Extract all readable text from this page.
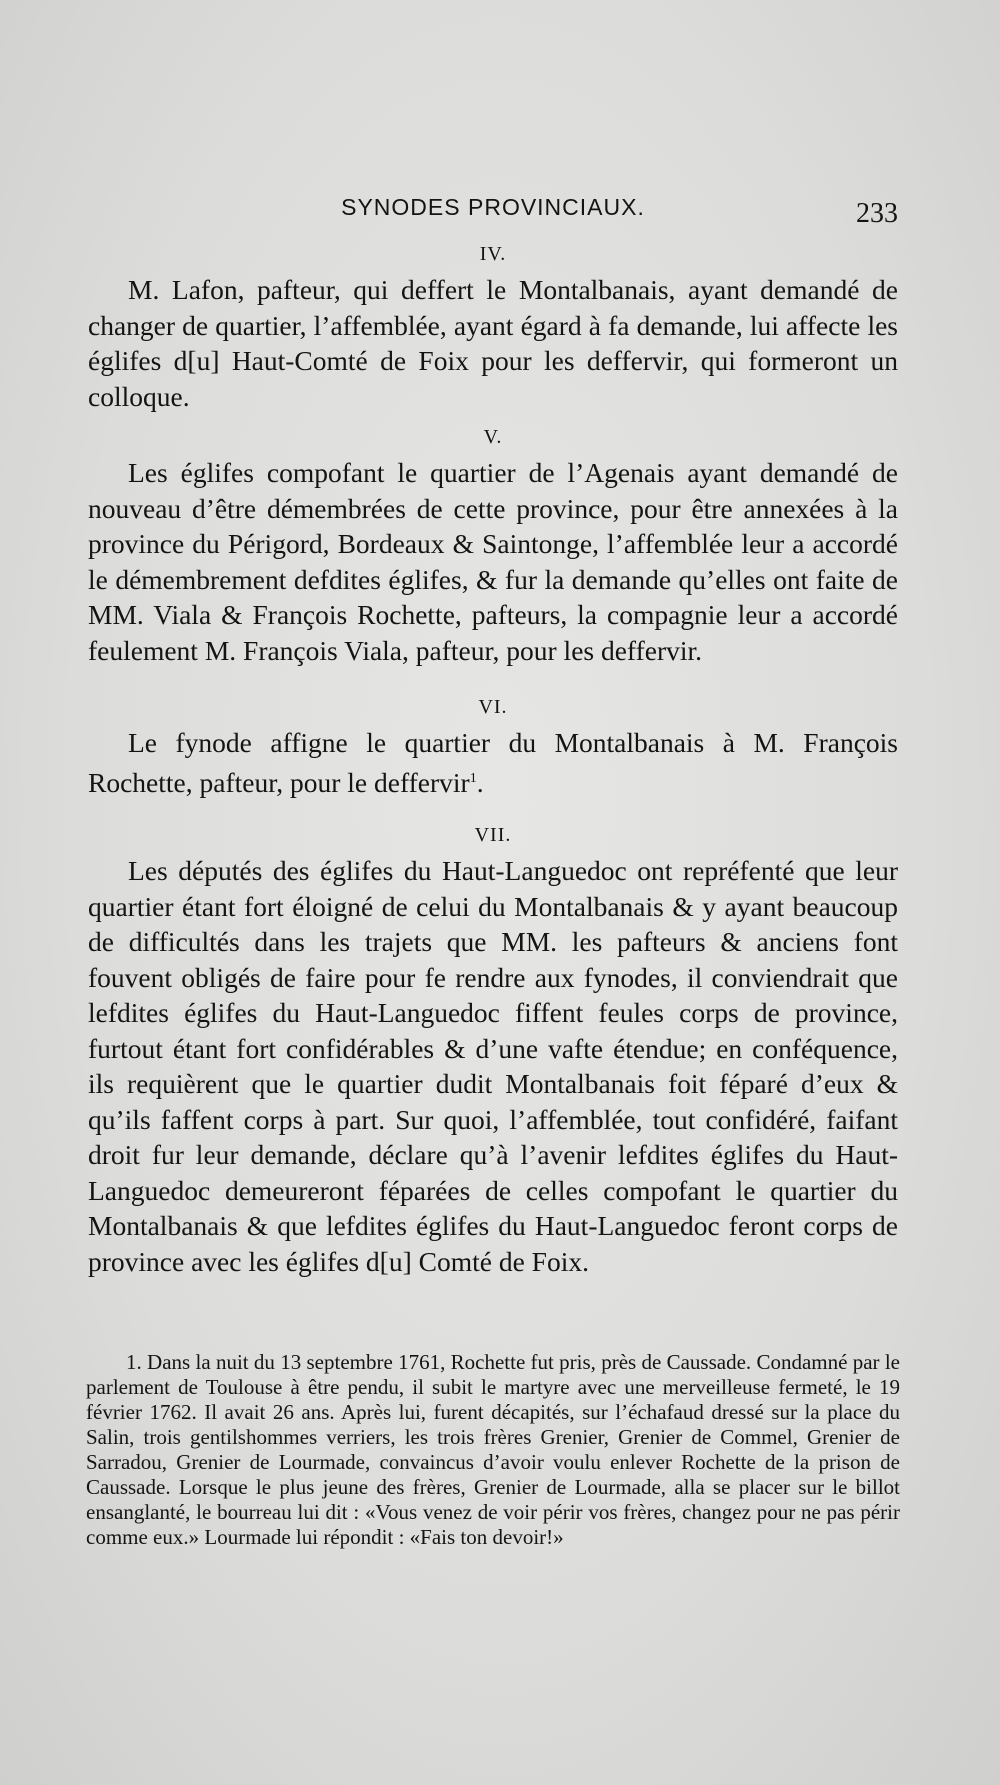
SYNODES PROVINCIAUX.	233
IV.

M. Lafon, pafteur, qui deffert le Montalbanais, ayant demandé de changer de quartier, l’affemblée, ayant égard à fa demande, lui affecte les églifes d[u] Haut-Comté de Foix pour les deffervir, qui formeront un colloque.

V.

Les églifes compofant le quartier de l’Agenais ayant demandé de nouveau d’être démembrées de cette province, pour être annexées à la province du Périgord, Bordeaux & Saintonge, l’affemblée leur a accordé le démembrement defdites églifes, & fur la demande qu’elles ont faite de MM. Viala & François Rochette, pafteurs, la compagnie leur a accordé feulement M. François Viala, pafteur, pour les deffervir.

VI.

Le fynode affigne le quartier du Montalbanais à M. François Rochette, pafteur, pour le deffervir$^1$.

VII.

Les députés des églifes du Haut-Languedoc ont repréfenté que leur quartier étant fort éloigné de celui du Montalbanais & y ayant beaucoup de difficultés dans les trajets que MM. les pafteurs & anciens font fouvent obligés de faire pour fe rendre aux fynodes, il conviendrait que lefdites églifes du Haut-Languedoc fiffent feules corps de province, furtout étant fort confidérables & d’une vafte étendue; en conféquence, ils requièrent que le quartier dudit Montalbanais foit féparé d’eux & qu’ils faffent corps à part. Sur quoi, l’affemblée, tout confidéré, faifant droit fur leur demande, déclare qu’à l’avenir lefdites églifes du Haut-Languedoc demeureront féparées de celles compofant le quartier du Montalbanais & que lefdites églifes du Haut-Languedoc feront corps de province avec les églifes d[u] Comté de Foix.

1. Dans la nuit du 13 septembre 1761, Rochette fut pris, près de Caussade. Condamné par le parlement de Toulouse à être pendu, il subit le martyre avec une merveilleuse fermeté, le 19 février 1762. Il avait 26 ans. Après lui, furent décapités, sur l’échafaud dressé sur la place du Salin, trois gentilshommes verriers, les trois frères Grenier, Grenier de Commel, Grenier de Sarradou, Grenier de Lourmade, convaincus d’avoir voulu enlever Rochette de la prison de Caussade. Lorsque le plus jeune des frères, Grenier de Lourmade, alla se placer sur le billot ensanglanté, le bourreau lui dit : «Vous venez de voir périr vos frères, changez pour ne pas périr comme eux.» Lourmade lui répondit : «Fais ton devoir!»
